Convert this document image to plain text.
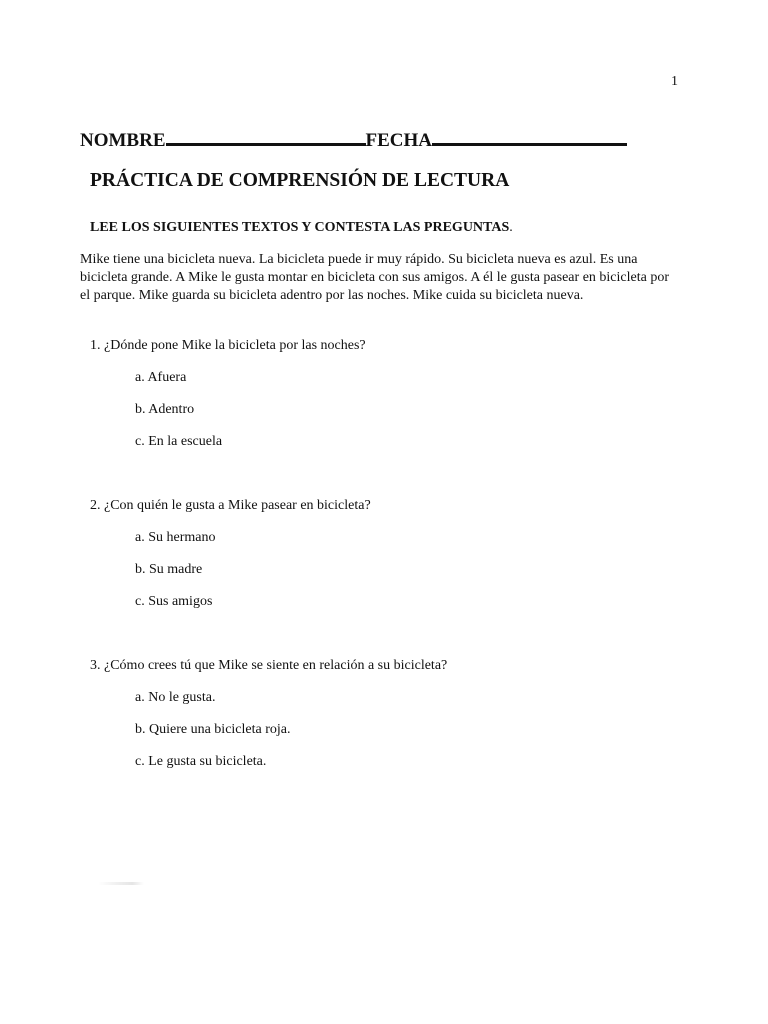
1
NOMBRE	FECHA
PRÁCTICA DE COMPRENSIÓN DE LECTURA
LEE LOS SIGUIENTES TEXTOS Y CONTESTA LAS PREGUNTAS.
Mike tiene una bicicleta nueva. La bicicleta puede ir muy rápido. Su bicicleta nueva es azul. Es una bicicleta grande. A Mike le gusta montar en bicicleta con sus amigos. A él le gusta pasear en bicicleta por el parque. Mike guarda su bicicleta adentro por las noches. Mike cuida su bicicleta nueva.
1. ¿Dónde pone Mike la bicicleta por las noches?
a. Afuera
b. Adentro
c. En la escuela
2. ¿Con quién le gusta a Mike pasear en bicicleta?
a. Su hermano
b. Su madre
c. Sus amigos
3. ¿Cómo crees tú que Mike se siente en relación a su bicicleta?
a. No le gusta.
b. Quiere una bicicleta roja.
c. Le gusta su bicicleta.
